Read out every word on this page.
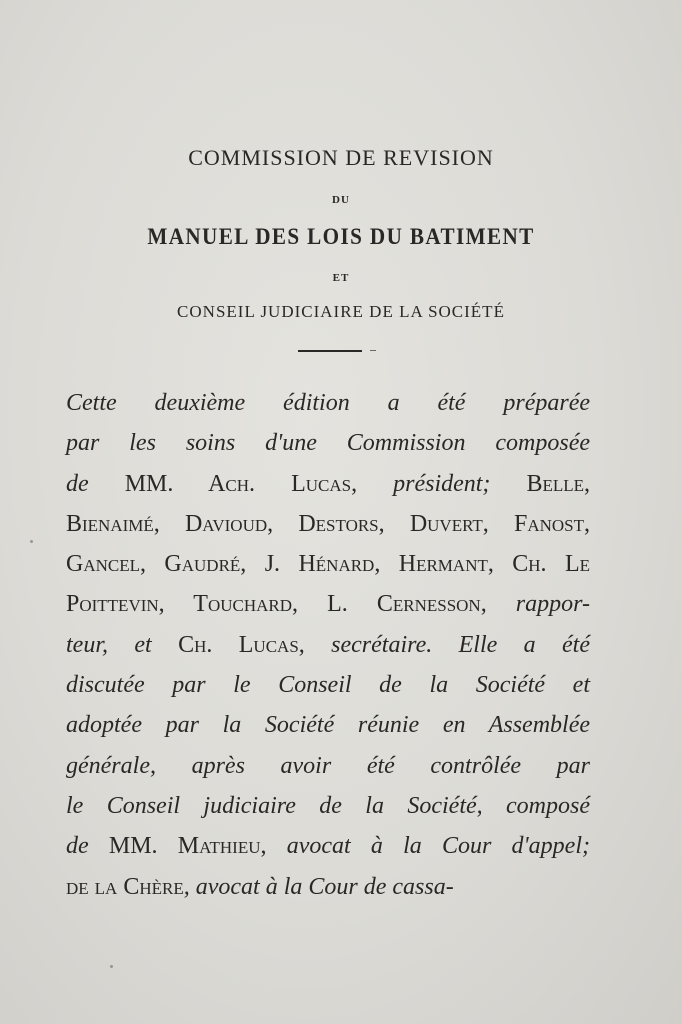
COMMISSION DE REVISION
DU
MANUEL DES LOIS DU BATIMENT
ET
CONSEIL JUDICIAIRE DE LA SOCIÉTÉ
Cette deuxième édition a été préparée
par les soins d'une Commission composée
de MM. Ach. Lucas, président; Belle,
Bienaimé, Davioud, Destors, Duvert, Fanost,
Gancel, Gaudré, J. Hénard, Hermant, Ch. Le
Poittevin, Touchard, L. Cernesson, rappor-
teur, et Ch. Lucas, secrétaire. Elle a été
discutée par le Conseil de la Société et
adoptée par la Société réunie en Assemblée
générale, après avoir été contrôlée par
le Conseil judiciaire de la Société, composé
de MM. Mathieu, avocat à la Cour d'appel;
de la Chère, avocat à la Cour de cassa-
